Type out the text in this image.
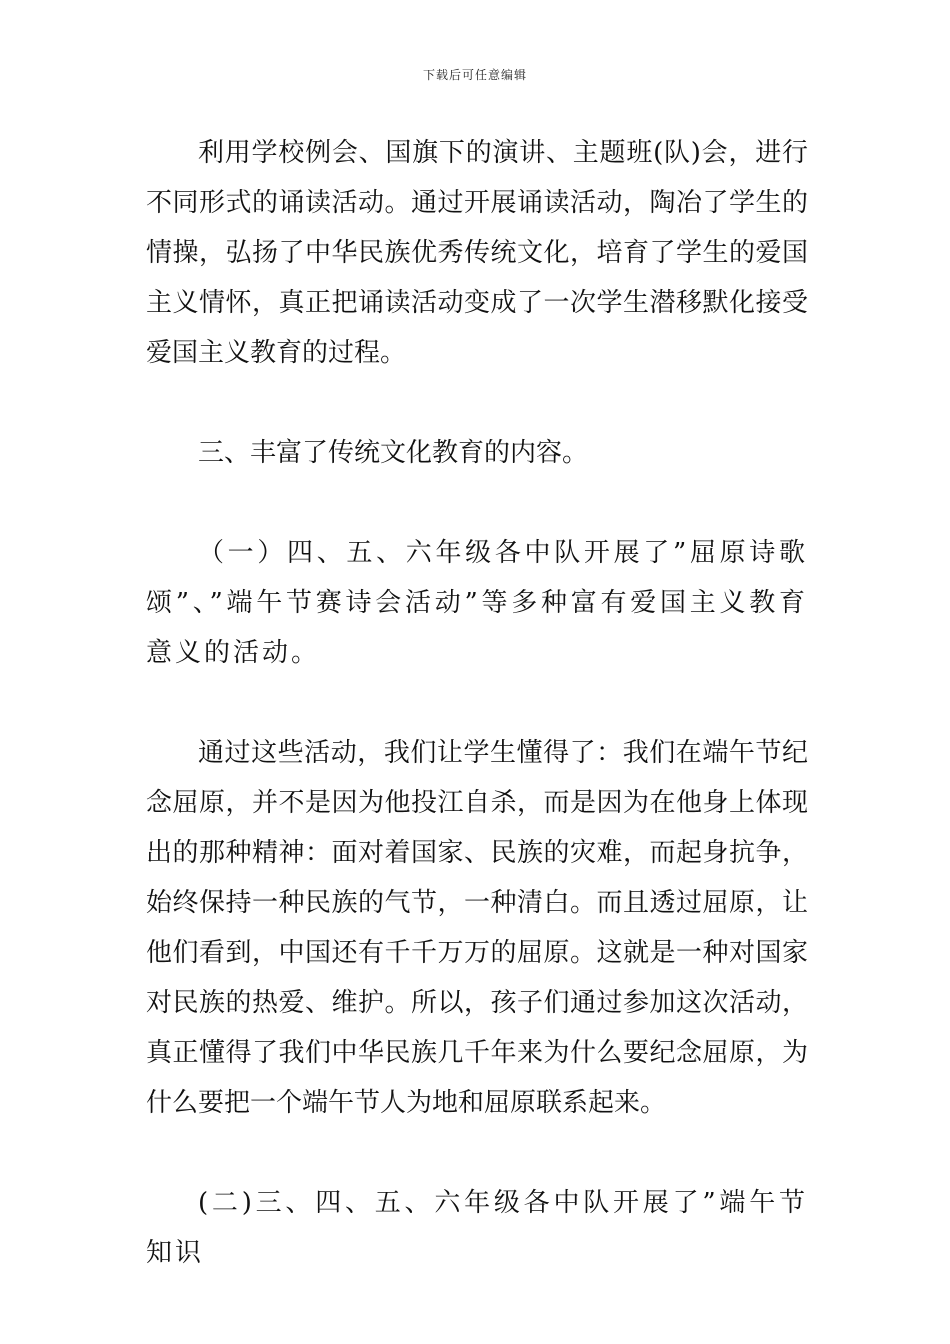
下载后可任意编辑

利用学校例会、国旗下的演讲、主题班(队)会，进行不同形式的诵读活动。通过开展诵读活动，陶冶了学生的情操，弘扬了中华民族优秀传统文化，培育了学生的爱国主义情怀，真正把诵读活动变成了一次学生潜移默化接受爱国主义教育的过程。

三、丰富了传统文化教育的内容。

（一）四、五、六年级各中队开展了”屈原诗歌颂”、”端午节赛诗会活动”等多种富有爱国主义教育意义的活动。

通过这些活动，我们让学生懂得了：我们在端午节纪念屈原，并不是因为他投江自杀，而是因为在他身上体现出的那种精神：面对着国家、民族的灾难，而起身抗争，始终保持一种民族的气节，一种清白。而且透过屈原，让他们看到，中国还有千千万万的屈原。这就是一种对国家对民族的热爱、维护。所以，孩子们通过参加这次活动，真正懂得了我们中华民族几千年来为什么要纪念屈原，为什么要把一个端午节人为地和屈原联系起来。

(二)三、四、五、六年级各中队开展了”端午节知识
